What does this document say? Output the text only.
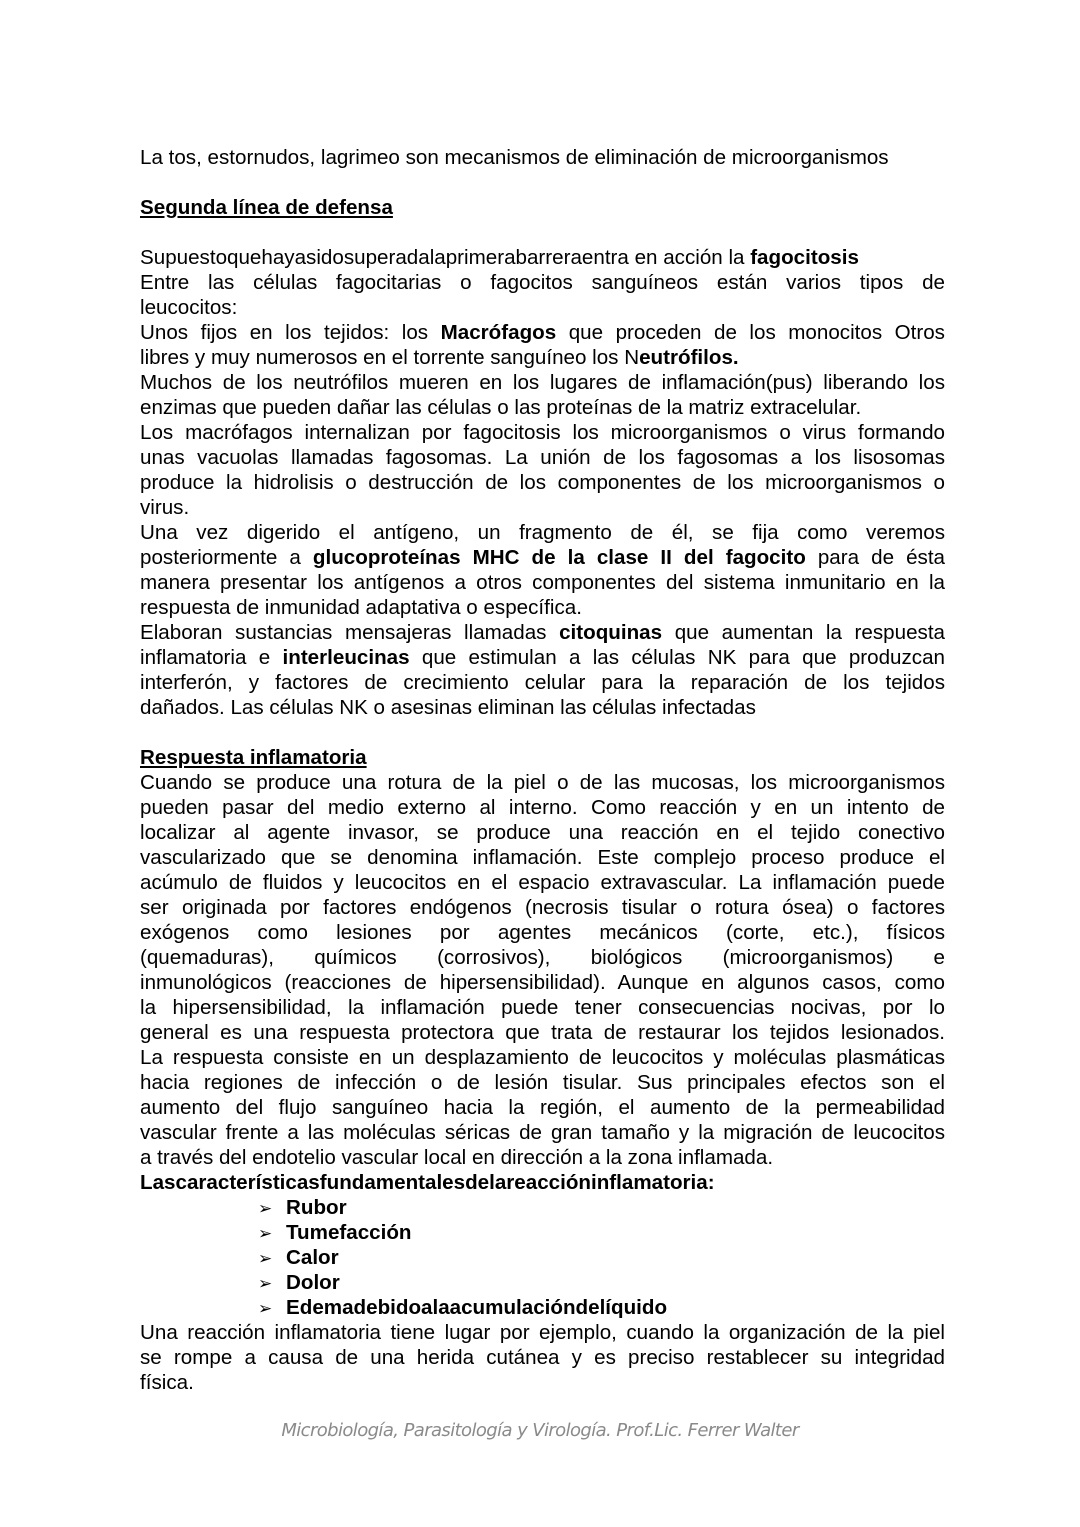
La tos, estornudos, lagrimeo son mecanismos de eliminación de microorganismos
Segunda línea de defensa
Supuestoquehayasidosuperadalaprimerabarreraentra en acción la fagocitosis
Entre las células fagocitarias o fagocitos sanguíneos están varios tipos de
leucocitos:
Unos fijos en los tejidos: los Macrófagos que proceden de los monocitos Otros
libres y muy numerosos en el torrente sanguíneo los Neutrófilos.
Muchos de los neutrófilos mueren en los lugares de inflamación(pus) liberando los
enzimas que pueden dañar las células o las proteínas de la matriz extracelular.
Los macrófagos internalizan por fagocitosis los microorganismos o virus formando
unas vacuolas llamadas fagosomas. La unión de los fagosomas a los lisosomas
produce la hidrolisis o destrucción de los componentes de los microorganismos o
virus.
Una vez digerido el antígeno, un fragmento de él, se fija como veremos
posteriormente a glucoproteínas MHC de la clase II del fagocito para de ésta
manera presentar los antígenos a otros componentes del sistema inmunitario en la
respuesta de inmunidad adaptativa o específica.
Elaboran sustancias mensajeras llamadas citoquinas que aumentan la respuesta
inflamatoria e interleucinas que estimulan a las células NK para que produzcan
interferón, y factores de crecimiento celular para la reparación de los tejidos
dañados. Las células NK o asesinas eliminan las células infectadas
Respuesta inflamatoria
Cuando se produce una rotura de la piel o de las mucosas, los microorganismos
pueden pasar del medio externo al interno. Como reacción y en un intento de
localizar al agente invasor, se produce una reacción en el tejido conectivo
vascularizado que se denomina inflamación. Este complejo proceso produce el
acúmulo de fluidos y leucocitos en el espacio extravascular. La inflamación puede
ser originada por factores endógenos (necrosis tisular o rotura ósea) o factores
exógenos como lesiones por agentes mecánicos (corte, etc.), físicos
(quemaduras), químicos (corrosivos), biológicos (microorganismos) e
inmunológicos (reacciones de hipersensibilidad). Aunque en algunos casos, como
la hipersensibilidad, la inflamación puede tener consecuencias nocivas, por lo
general es una respuesta protectora que trata de restaurar los tejidos lesionados.
La respuesta consiste en un desplazamiento de leucocitos y moléculas plasmáticas
hacia regiones de infección o de lesión tisular. Sus principales efectos son el
aumento del flujo sanguíneo hacia la región, el aumento de la permeabilidad
vascular frente a las moléculas séricas de gran tamaño y la migración de leucocitos
a través del endotelio vascular local en dirección a la zona inflamada.
Lascaracterísticasfundamentalesdelareaccióninflamatoria:
➢ Rubor
➢ Tumefacción
➢ Calor
➢ Dolor
➢ Edemadebidoalaacumulacióndelíquido
Una reacción inflamatoria tiene lugar por ejemplo, cuando la organización de la piel
se rompe a causa de una herida cutánea y es preciso restablecer su integridad
física.
Microbiología, Parasitología y Virología. Prof.Lic. Ferrer Walter
